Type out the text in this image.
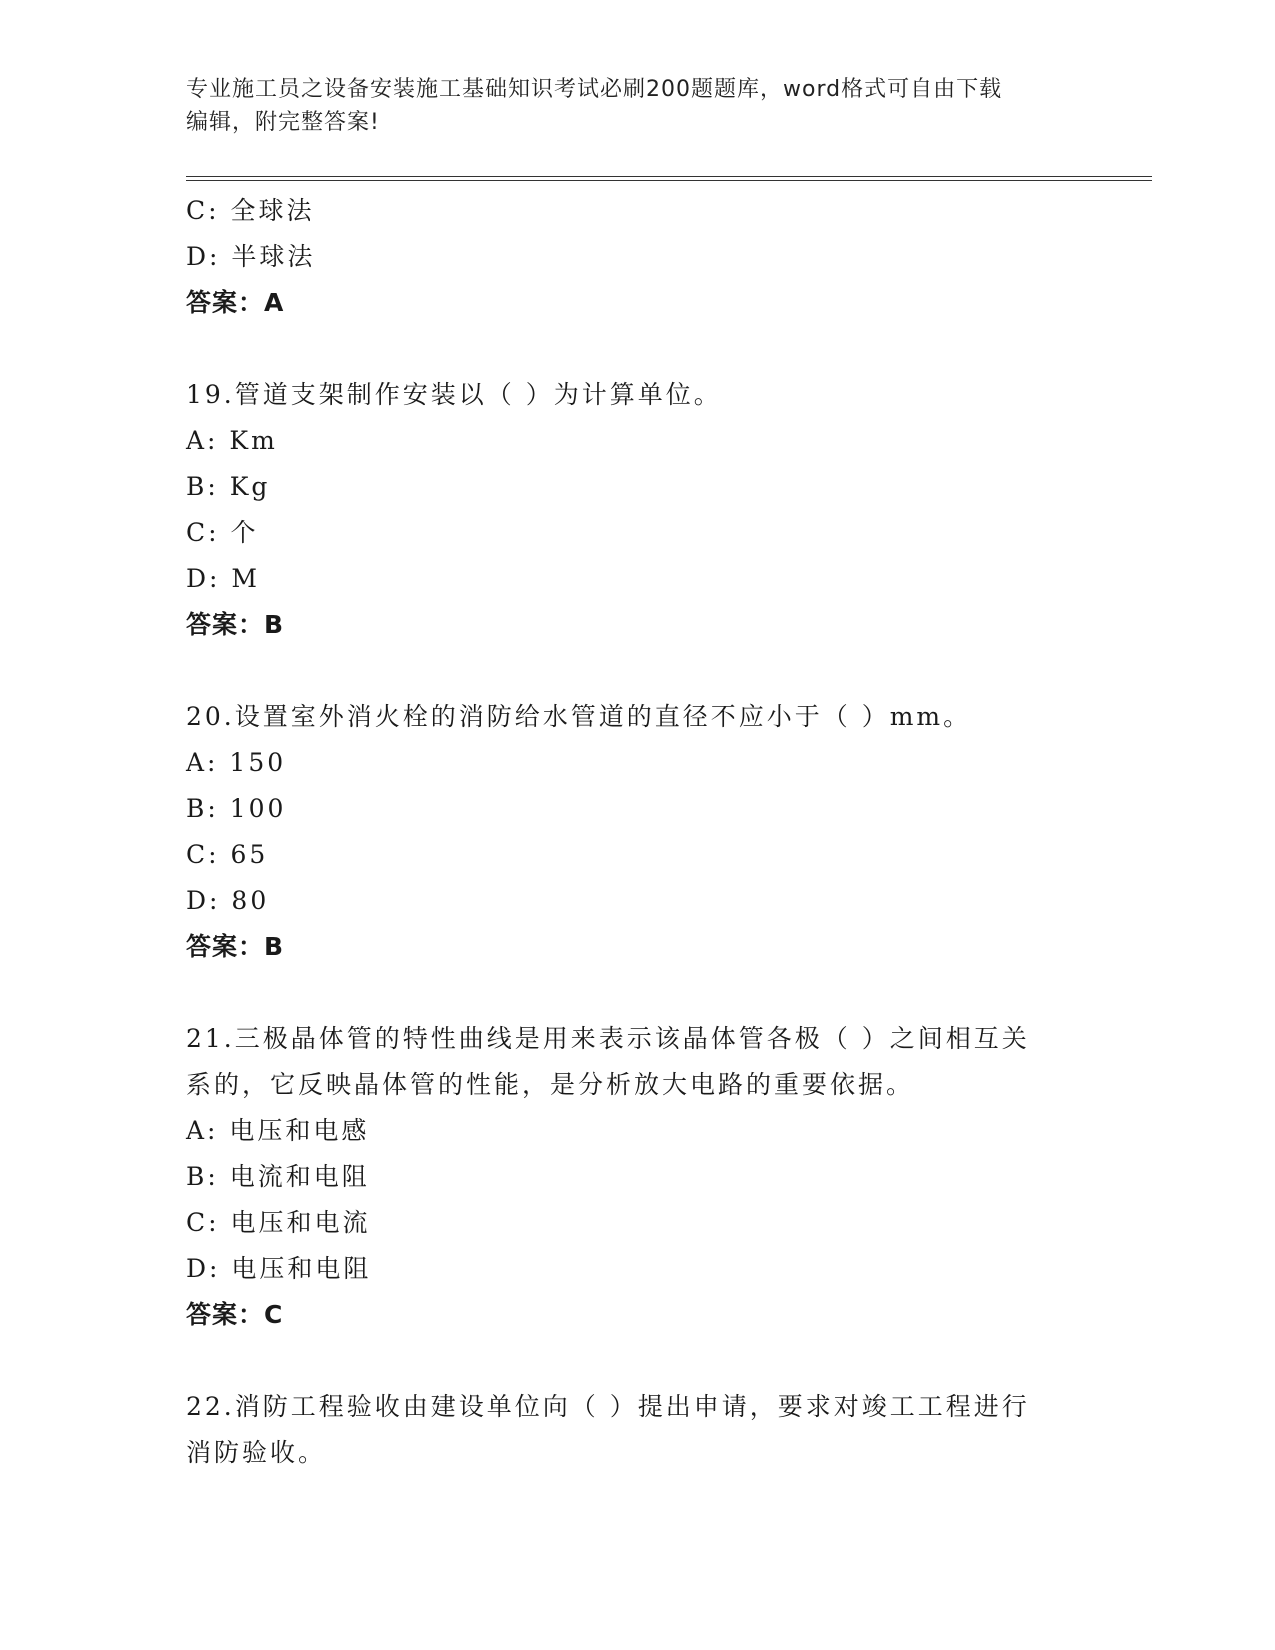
专业施工员之设备安装施工基础知识考试必刷200题题库，word格式可自由下载
编辑，附完整答案!
C: 全球法
D: 半球法
答案：A
19.管道支架制作安装以（ ）为计算单位。
A: Km
B: Kg
C: 个
D: M
答案：B
20.设置室外消火栓的消防给水管道的直径不应小于（ ）mm。
A: 150
B: 100
C: 65
D: 80
答案：B
21.三极晶体管的特性曲线是用来表示该晶体管各极（ ）之间相互关
系的，它反映晶体管的性能，是分析放大电路的重要依据。
A: 电压和电感
B: 电流和电阻
C: 电压和电流
D: 电压和电阻
答案：C
22.消防工程验收由建设单位向（ ）提出申请，要求对竣工工程进行
消防验收。
